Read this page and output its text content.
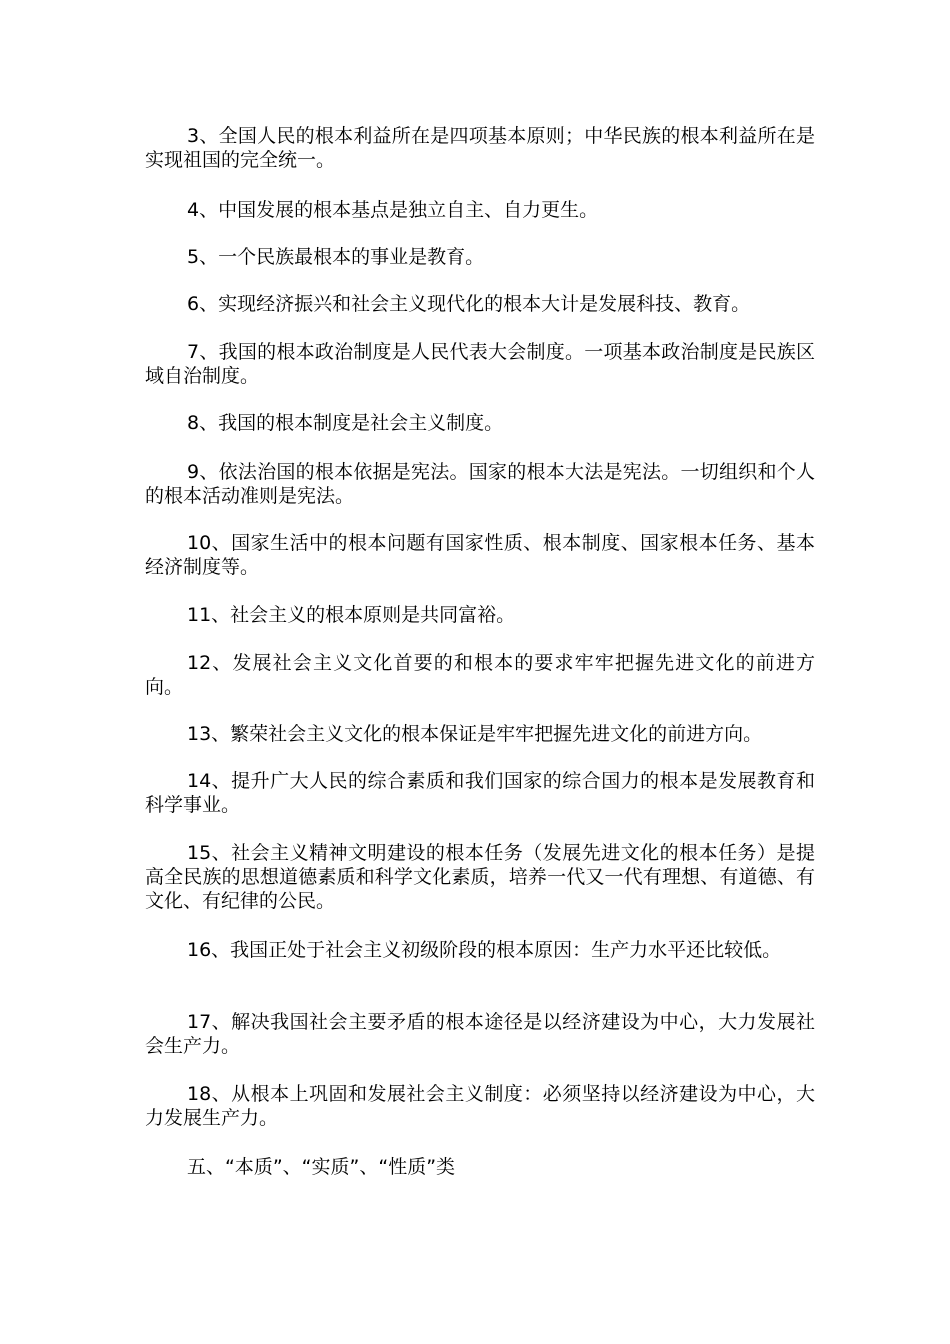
3、全国人民的根本利益所在是四项基本原则；中华民族的根本利益所在是实现祖国的完全统一。

4、中国发展的根本基点是独立自主、自力更生。

5、一个民族最根本的事业是教育。

6、实现经济振兴和社会主义现代化的根本大计是发展科技、教育。

7、我国的根本政治制度是人民代表大会制度。一项基本政治制度是民族区域自治制度。

8、我国的根本制度是社会主义制度。

9、依法治国的根本依据是宪法。国家的根本大法是宪法。一切组织和个人的根本活动准则是宪法。

10、国家生活中的根本问题有国家性质、根本制度、国家根本任务、基本经济制度等。

11、社会主义的根本原则是共同富裕。

12、发展社会主义文化首要的和根本的要求牢牢把握先进文化的前进方向。

13、繁荣社会主义文化的根本保证是牢牢把握先进文化的前进方向。

14、提升广大人民的综合素质和我们国家的综合国力的根本是发展教育和科学事业。

15、社会主义精神文明建设的根本任务（发展先进文化的根本任务）是提高全民族的思想道德素质和科学文化素质，培养一代又一代有理想、有道德、有文化、有纪律的公民。

16、我国正处于社会主义初级阶段的根本原因：生产力水平还比较低。

17、解决我国社会主要矛盾的根本途径是以经济建设为中心，大力发展社会生产力。

18、从根本上巩固和发展社会主义制度：必须坚持以经济建设为中心，大力发展生产力。

五、“本质”、“实质”、“性质”类
